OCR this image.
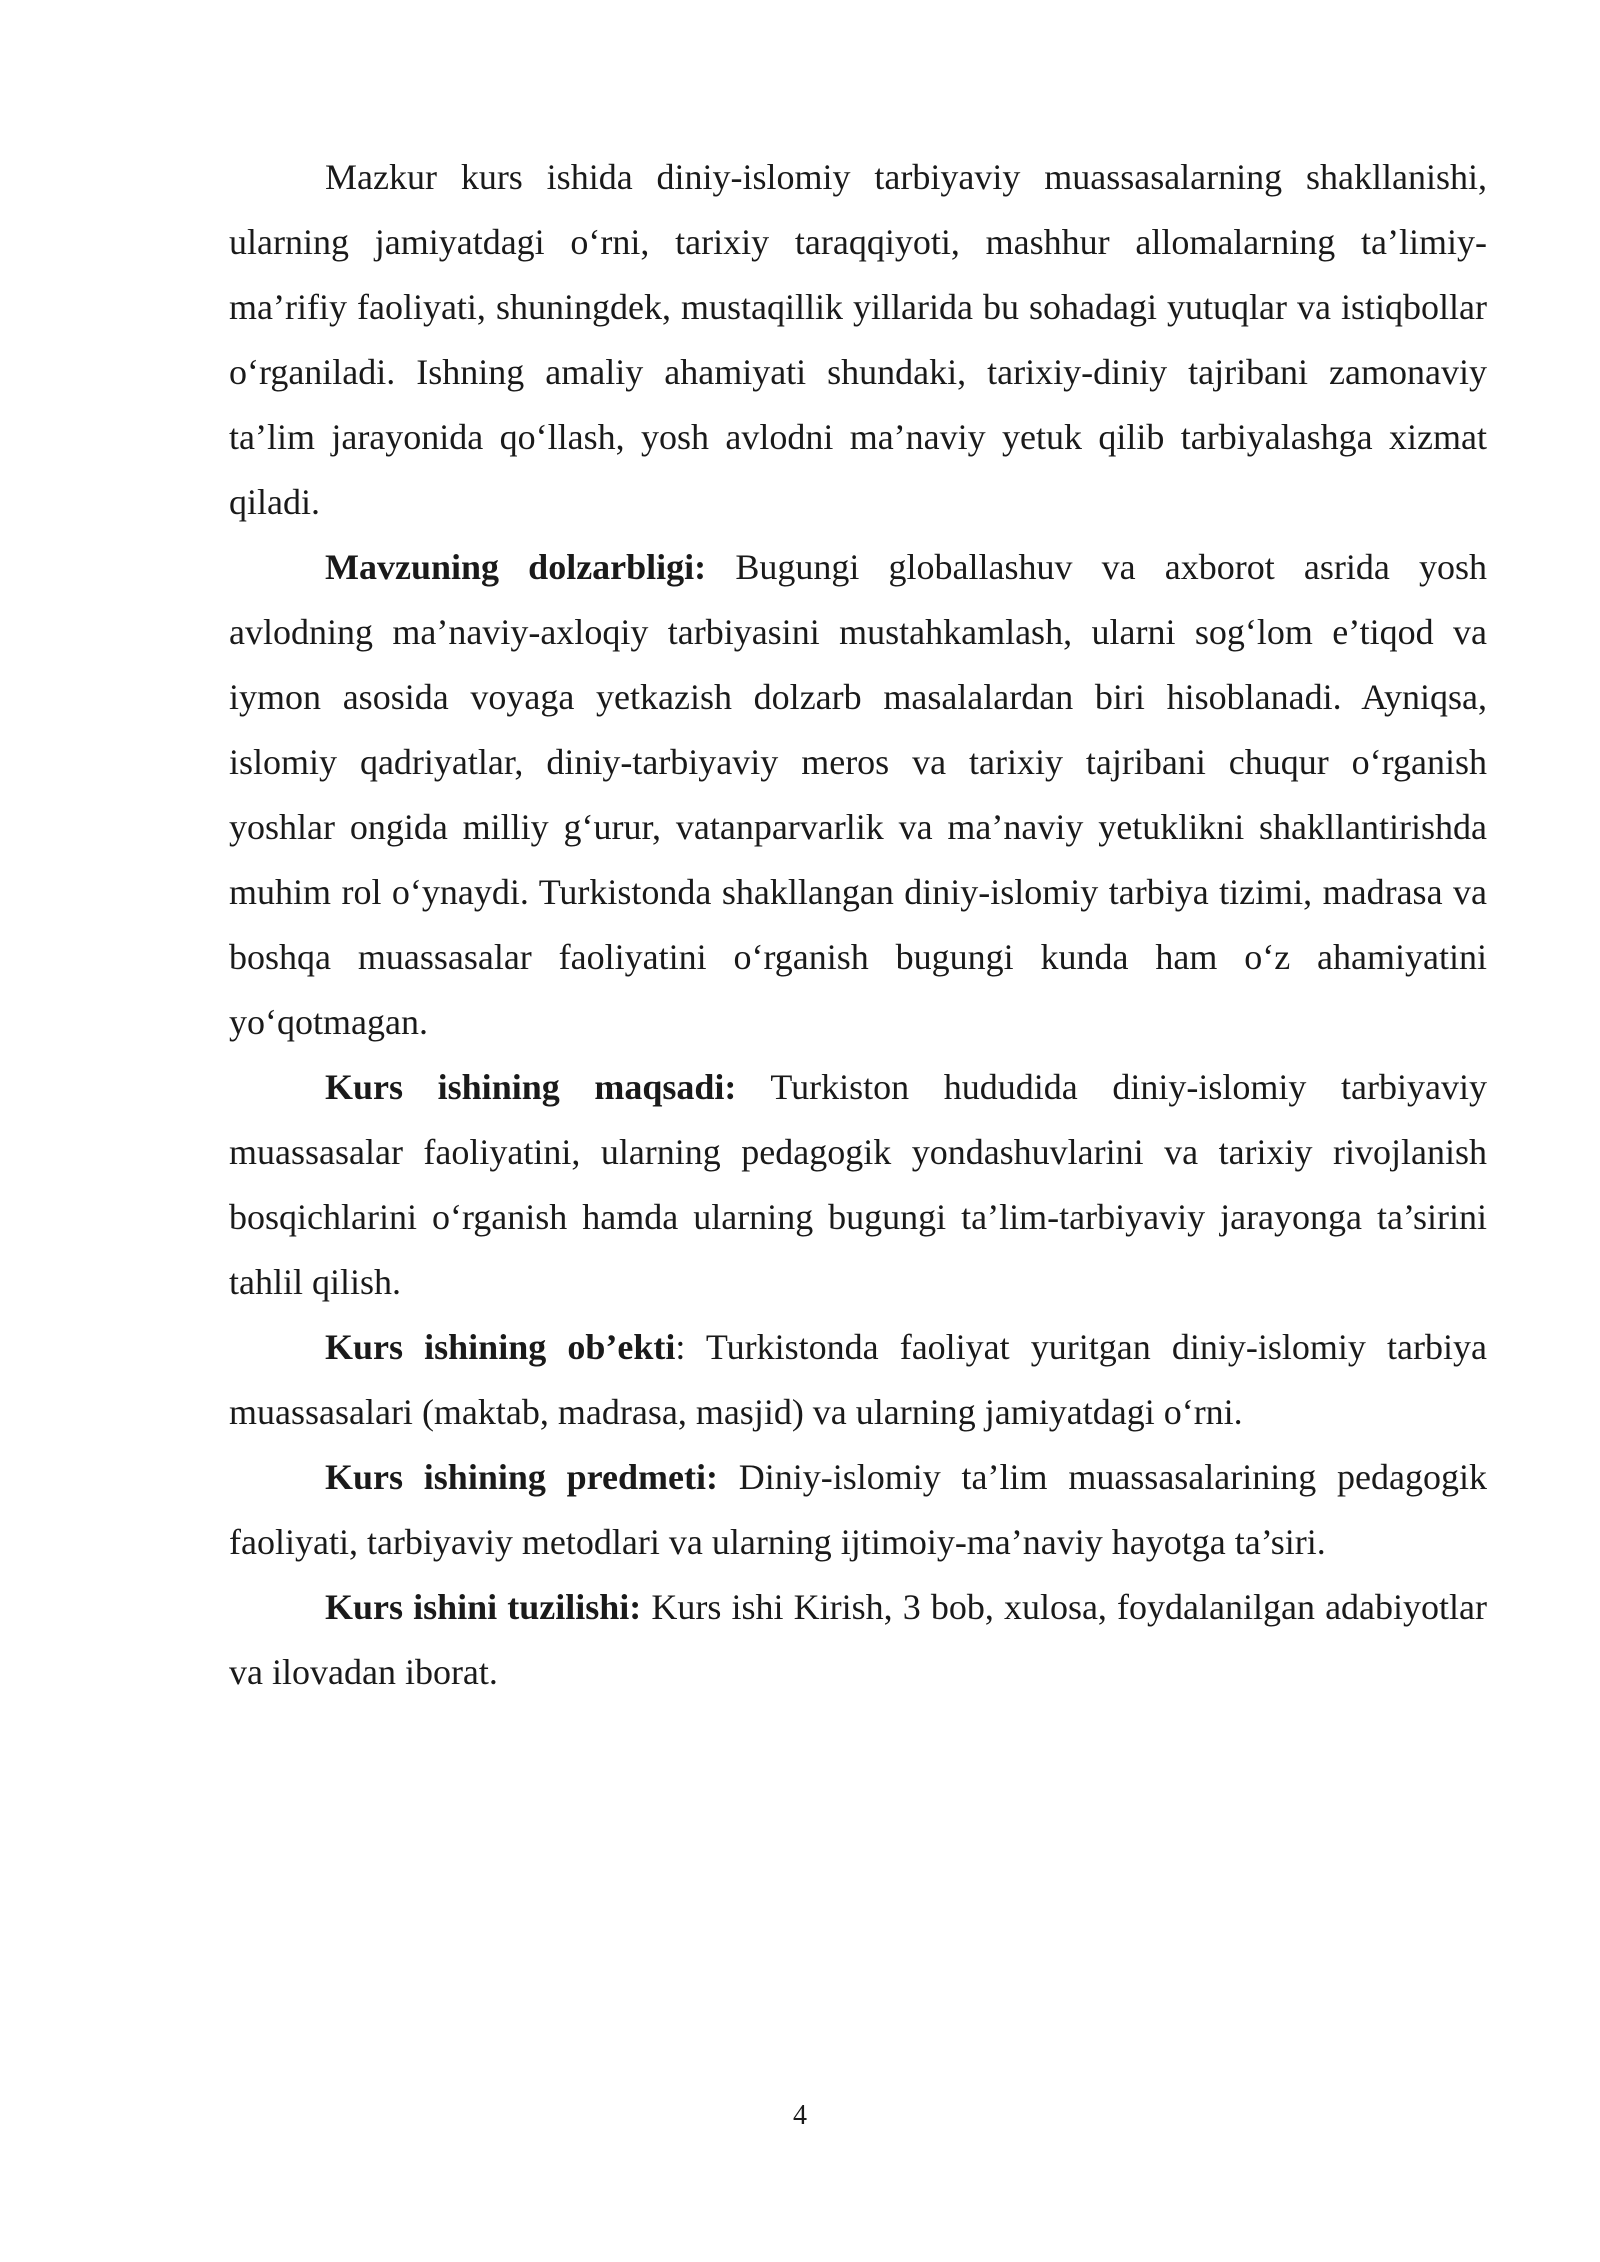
Mazkur kurs ishida diniy-islomiy tarbiyaviy muassasalarning shakllanishi, ularning jamiyatdagi o‘rni, tarixiy taraqqiyoti, mashhur allomalarning ta’limiy-ma’rifiy faoliyati, shuningdek, mustaqillik yillarida bu sohadagi yutuqlar va istiqbollar o‘rganiladi. Ishning amaliy ahamiyati shundaki, tarixiy-diniy tajribani zamonaviy ta’lim jarayonida qo‘llash, yosh avlodni ma’naviy yetuk qilib tarbiyalashga xizmat qiladi.

Mavzuning dolzarbligi: Bugungi globallashuv va axborot asrida yosh avlodning ma’naviy-axloqiy tarbiyasini mustahkamlash, ularni sog‘lom e’tiqod va iymon asosida voyaga yetkazish dolzarb masalalardan biri hisoblanadi. Ayniqsa, islomiy qadriyatlar, diniy-tarbiyaviy meros va tarixiy tajribani chuqur o‘rganish yoshlar ongida milliy g‘urur, vatanparvarlik va ma’naviy yetuklikni shakllantirishda muhim rol o‘ynaydi. Turkistonda shakllangan diniy-islomiy tarbiya tizimi, madrasa va boshqa muassasalar faoliyatini o‘rganish bugungi kunda ham o‘z ahamiyatini yo‘qotmagan.

Kurs ishining maqsadi: Turkiston hududida diniy-islomiy tarbiyaviy muassasalar faoliyatini, ularning pedagogik yondashuvlarini va tarixiy rivojlanish bosqichlarini o‘rganish hamda ularning bugungi ta’lim-tarbiyaviy jarayonga ta’sirini tahlil qilish.

Kurs ishining ob’ekti: Turkistonda faoliyat yuritgan diniy-islomiy tarbiya muassasalari (maktab, madrasa, masjid) va ularning jamiyatdagi o‘rni.

Kurs ishining predmeti: Diniy-islomiy ta’lim muassasalarining pedagogik faoliyati, tarbiyaviy metodlari va ularning ijtimoiy-ma’naviy hayotga ta’siri.

Kurs ishini tuzilishi: Kurs ishi Kirish, 3 bob, xulosa, foydalanilgan adabiyotlar va ilovadan iborat.

4
